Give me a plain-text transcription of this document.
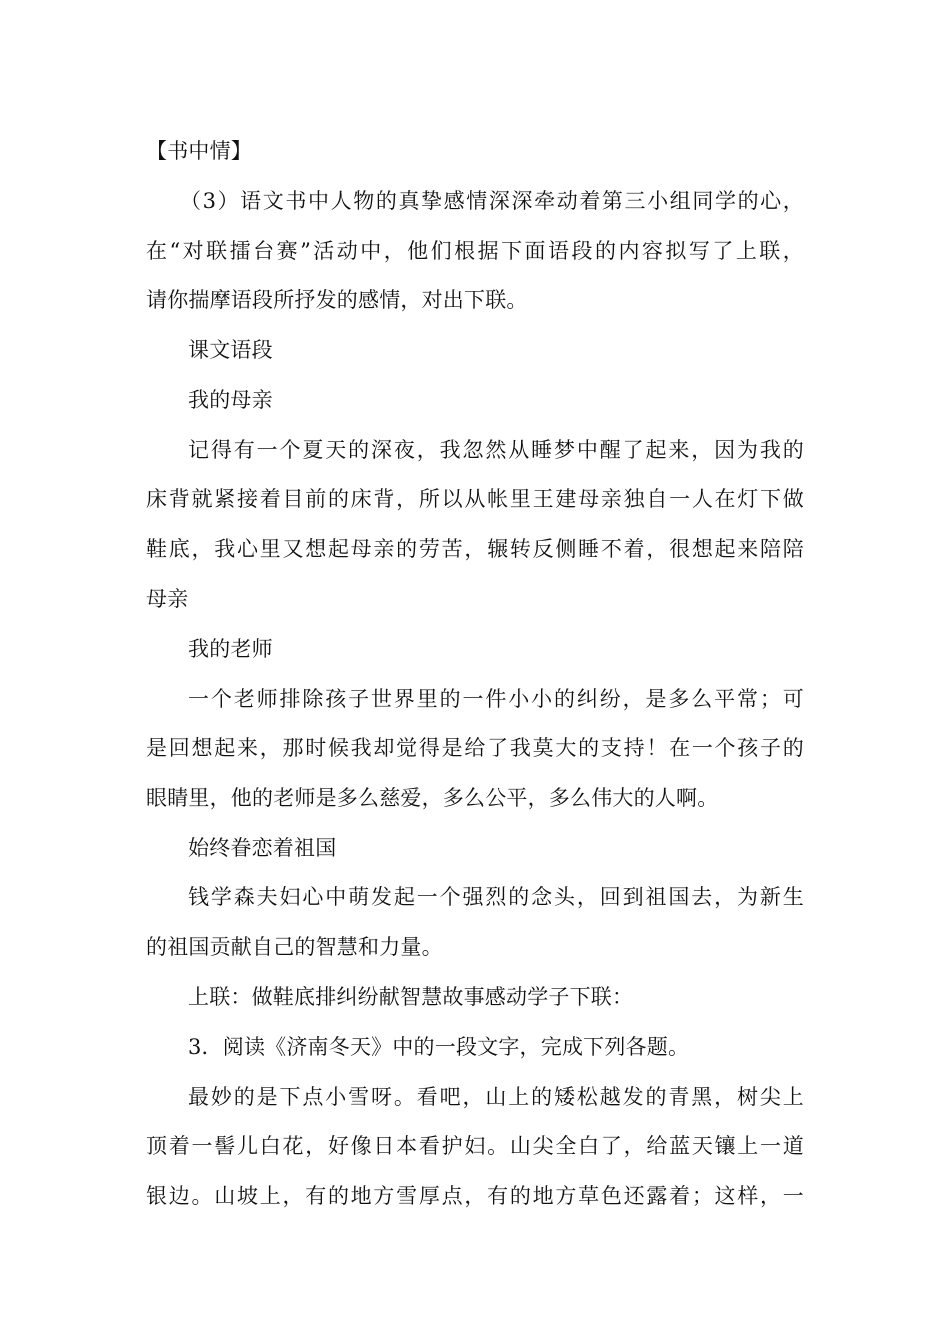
【书中情】
（3）语文书中人物的真挚感情深深牵动着第三小组同学的心，
在“对联擂台赛”活动中，他们根据下面语段的内容拟写了上联，
请你揣摩语段所抒发的感情，对出下联。
课文语段
我的母亲
记得有一个夏天的深夜，我忽然从睡梦中醒了起来，因为我的
床背就紧接着目前的床背，所以从帐里王建母亲独自一人在灯下做
鞋底，我心里又想起母亲的劳苦，辗转反侧睡不着，很想起来陪陪
母亲
我的老师
一个老师排除孩子世界里的一件小小的纠纷，是多么平常；可
是回想起来，那时候我却觉得是给了我莫大的支持！在一个孩子的
眼睛里，他的老师是多么慈爱，多么公平，多么伟大的人啊。
始终眷恋着祖国
钱学森夫妇心中萌发起一个强烈的念头，回到祖国去，为新生
的祖国贡献自己的智慧和力量。
上联：做鞋底排纠纷献智慧故事感动学子下联：
3．阅读《济南冬天》中的一段文字，完成下列各题。
最妙的是下点小雪呀。看吧，山上的矮松越发的青黑，树尖上
顶着一髻儿白花，好像日本看护妇。山尖全白了，给蓝天镶上一道
银边。山坡上，有的地方雪厚点，有的地方草色还露着；这样，一
